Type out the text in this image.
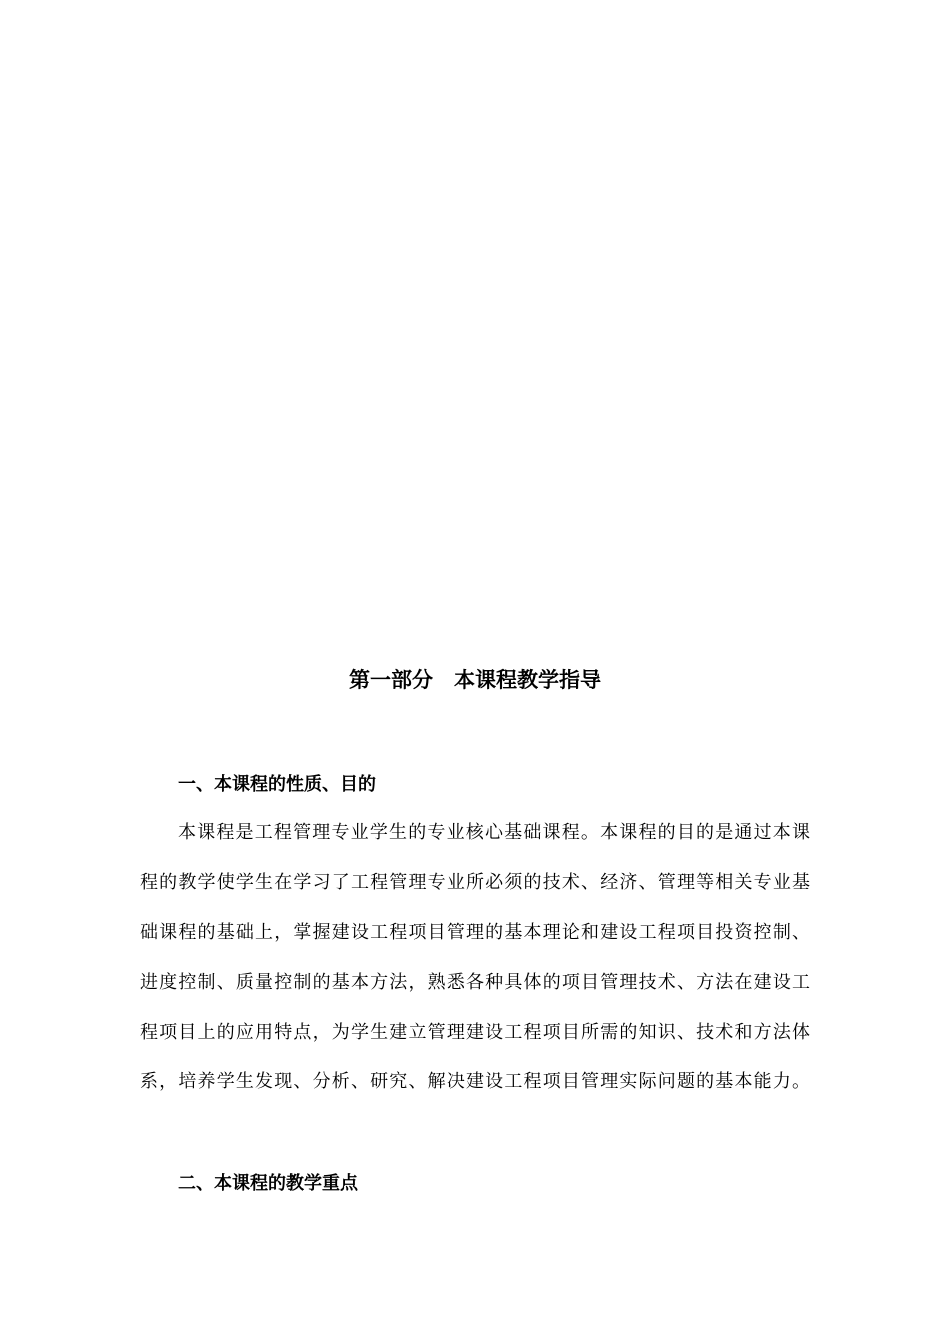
第一部分　本课程教学指导
一、本课程的性质、目的
本课程是工程管理专业学生的专业核心基础课程。本课程的目的是通过本课
程的教学使学生在学习了工程管理专业所必须的技术、经济、管理等相关专业基
础课程的基础上，掌握建设工程项目管理的基本理论和建设工程项目投资控制、
进度控制、质量控制的基本方法，熟悉各种具体的项目管理技术、方法在建设工
程项目上的应用特点，为学生建立管理建设工程项目所需的知识、技术和方法体
系，培养学生发现、分析、研究、解决建设工程项目管理实际问题的基本能力。
二、本课程的教学重点
